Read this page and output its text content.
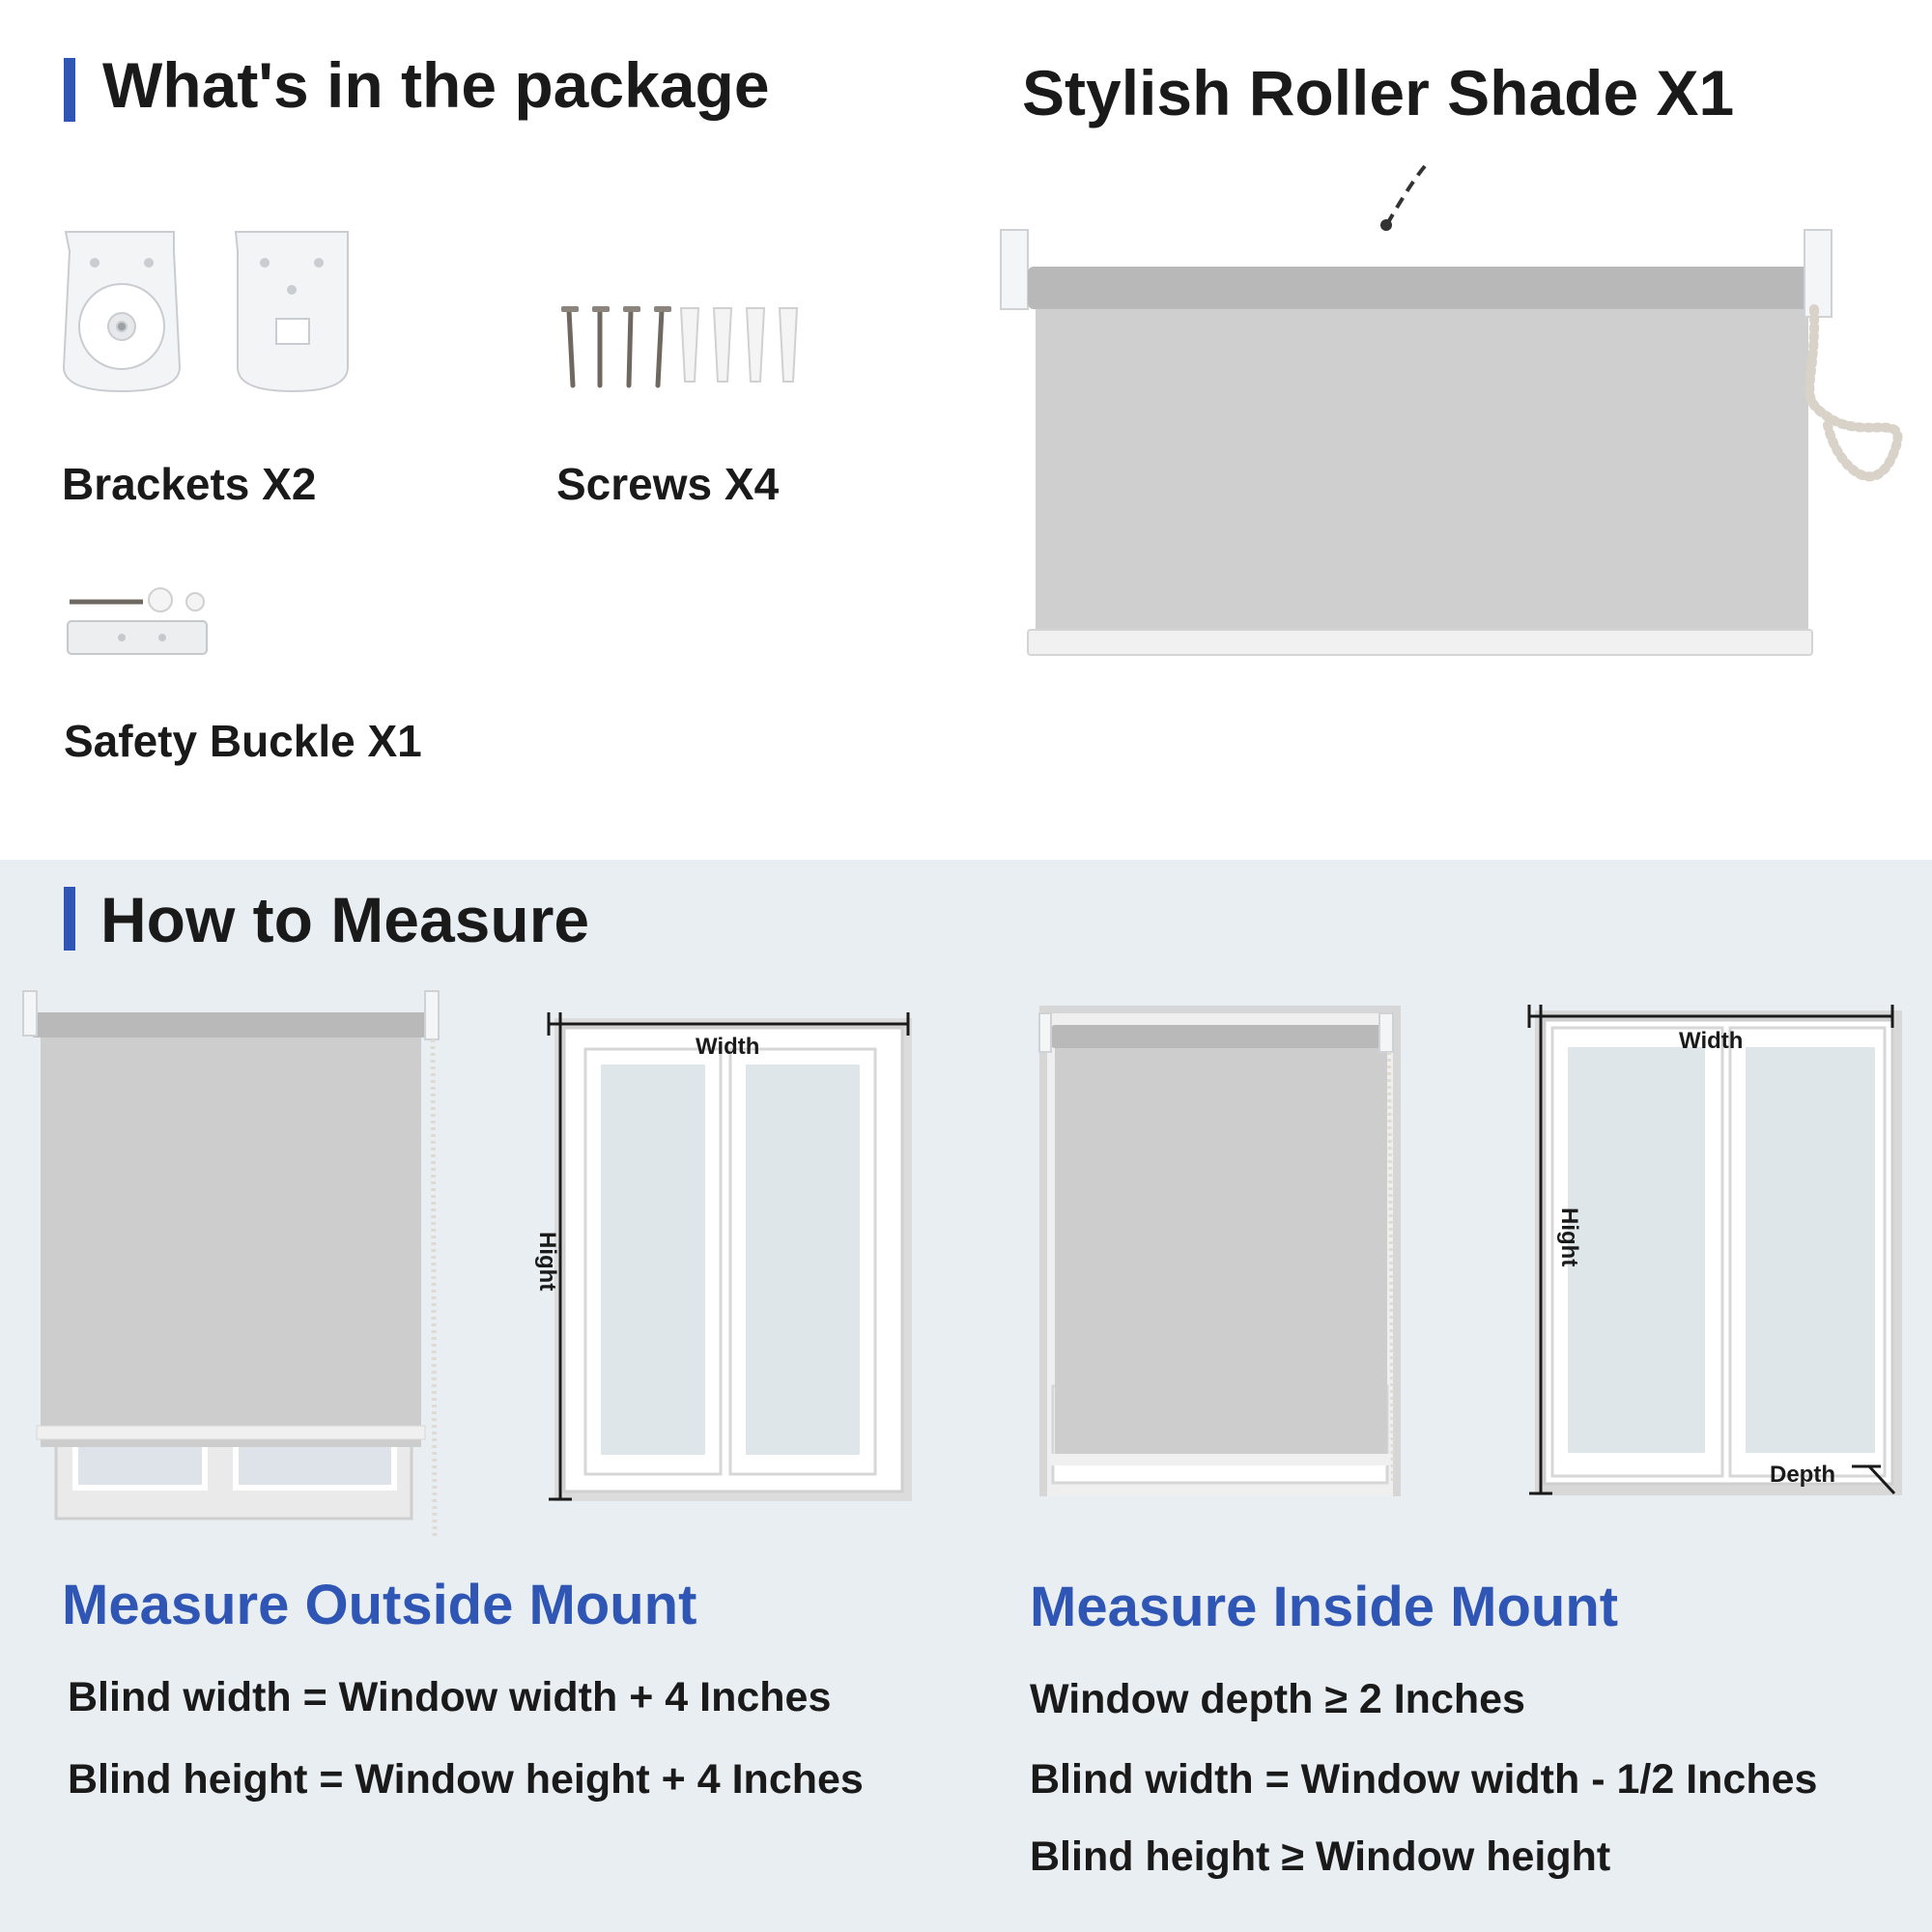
What's in the package	Stylish Roller Shade X1
Brackets X2	Screws X4
Safety Buckle X1
How to Measure
Width
Hight
Width
Hight
Depth
Measure Outside Mount
Blind width = Window width + 4 Inches
Blind height = Window height + 4 Inches
Measure Inside Mount
Window depth ≥ 2 Inches
Blind width = Window width - 1/2 Inches
Blind height ≥ Window height
